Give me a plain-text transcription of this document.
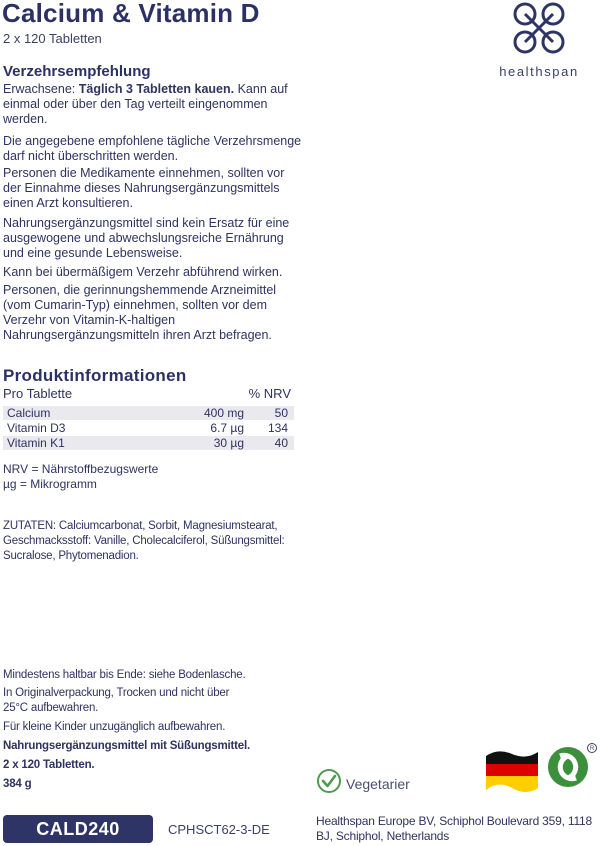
Calcium & Vitamin D
2 x 120 Tabletten
healthspan
Verzehrsempfehlung
Erwachsene: Täglich 3 Tabletten kauen. Kann auf einmal oder über den Tag verteilt eingenommen werden.
Die angegebene empfohlene tägliche Verzehrsmenge darf nicht überschritten werden.
Personen die Medikamente einnehmen, sollten vor der Einnahme dieses Nahrungsergänzungsmittels einen Arzt konsultieren.
Nahrungsergänzungsmittel sind kein Ersatz für eine ausgewogene und abwechslungsreiche Ernährung und eine gesunde Lebensweise.
Kann bei übermäßigem Verzehr abführend wirken.
Personen, die gerinnungshemmende Arzneimittel (vom Cumarin-Typ) einnehmen, sollten vor dem Verzehr von Vitamin-K-haltigen Nahrungsergänzungsmitteln ihren Arzt befragen.
Produktinformationen
Pro Tablette	% NRV
Calcium	400 mg	50
Vitamin D3	6.7 µg 134
Vitamin K1	30 µg	40
NRV = Nährstoffbezugswerte
µg = Mikrogramm
ZUTATEN: Calciumcarbonat, Sorbit, Magnesiumstearat, Geschmacksstoff: Vanille, Cholecalciferol, Süßungsmittel: Sucralose, Phytomenadion.
Mindestens haltbar bis Ende: siehe Bodenlasche.
In Originalverpackung, Trocken und nicht über 25°C aufbewahren.
Für kleine Kinder unzugänglich aufbewahren.
Nahrungsergänzungsmittel mit Süßungsmittel.
2 x 120 Tabletten.
384 g	Vegetarier
R
CALD240	CPHSCT62-3-DE
Healthspan Europe BV, Schiphol Boulevard 359, 1118 BJ, Schiphol, Netherlands
